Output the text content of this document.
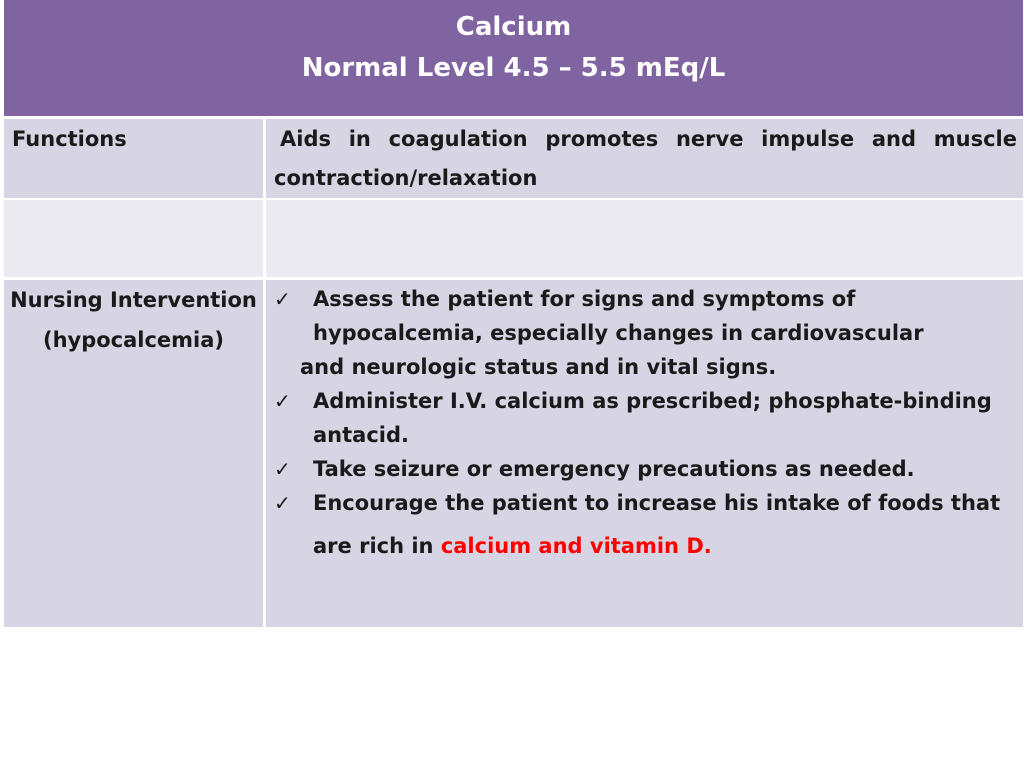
Calcium
Normal Level 4.5 – 5.5 mEq/L
Functions	Aids in coagulation promotes nerve impulse and muscle contraction/relaxation
Nursing Intervention
(hypocalcemia)
✓ Assess the patient for signs and symptoms of
hypocalcemia, especially changes in cardiovascular
and neurologic status and in vital signs.
✓ Administer I.V. calcium as prescribed; phosphate-binding
antacid.
✓ Take seizure or emergency precautions as needed.
✓ Encourage the patient to increase his intake of foods that
are rich in calcium and vitamin D.
